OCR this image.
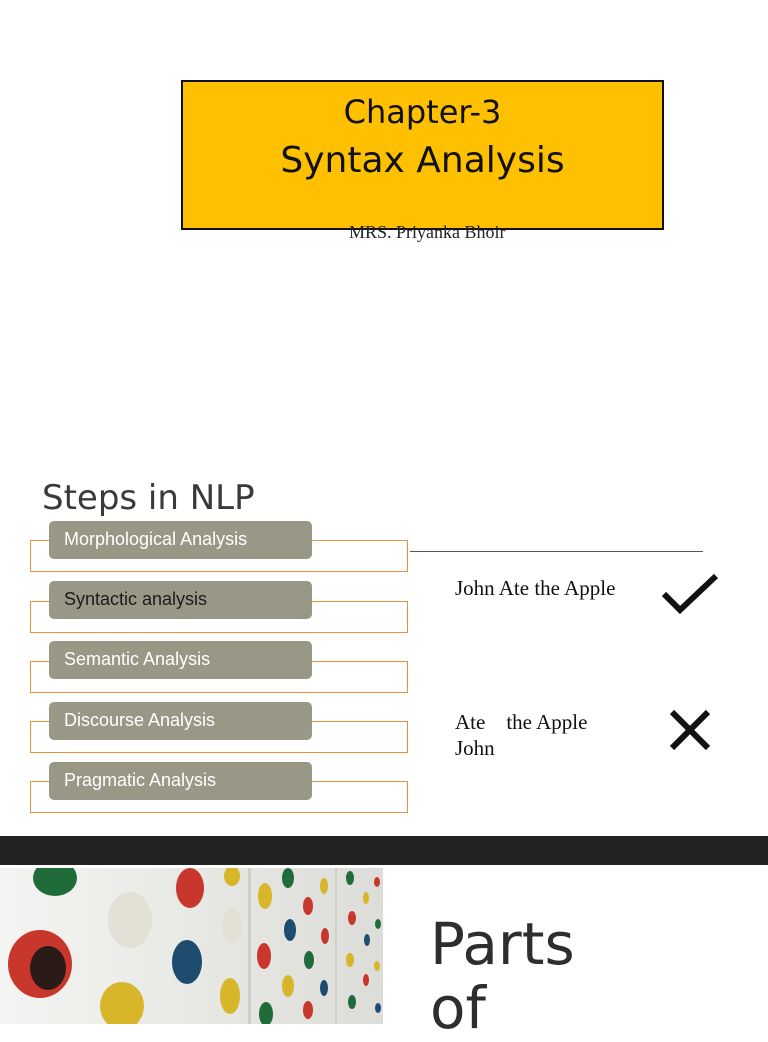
Chapter-3
Syntax Analysis
MRS. Priyanka Bhoir
Steps in NLP
Morphological Analysis
Syntactic analysis
Semantic Analysis
Discourse Analysis
Pragmatic Analysis
John Ate the Apple
Ate    the Apple
John
Parts
of
